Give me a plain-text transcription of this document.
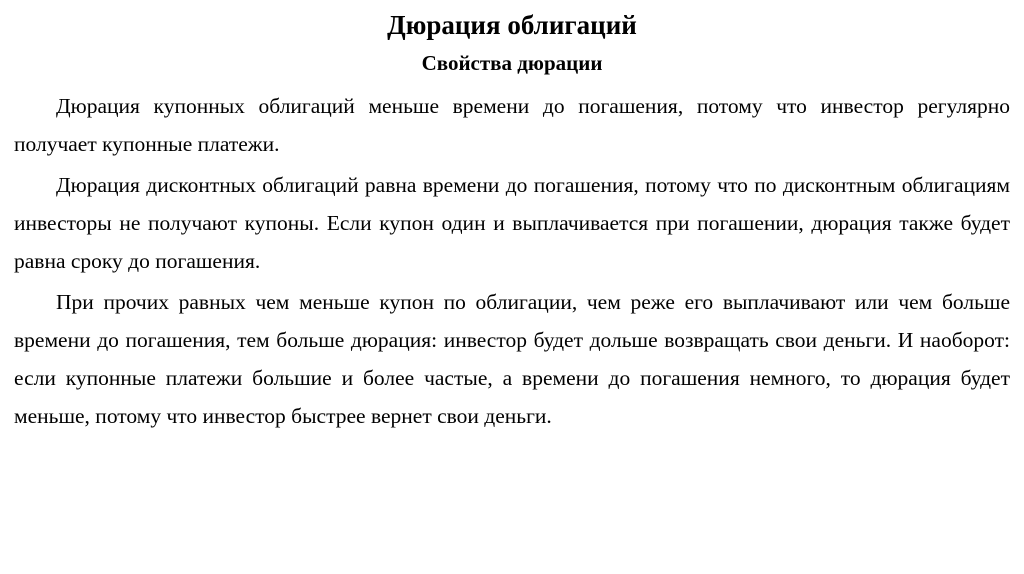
Дюрация облигаций
Свойства дюрации

Дюрация купонных облигаций меньше времени до погашения, потому что инвестор регулярно получает купонные платежи.

Дюрация дисконтных облигаций равна времени до погашения, потому что по дисконтным облигациям инвесторы не получают купоны. Если купон один и выплачивается при погашении, дюрация также будет равна сроку до погашения.

При прочих равных чем меньше купон по облигации, чем реже его выплачивают или чем больше времени до погашения, тем больше дюрация: инвестор будет дольше возвращать свои деньги. И наоборот: если купонные платежи большие и более частые, а времени до погашения немного, то дюрация будет меньше, потому что инвестор быстрее вернет свои деньги.
